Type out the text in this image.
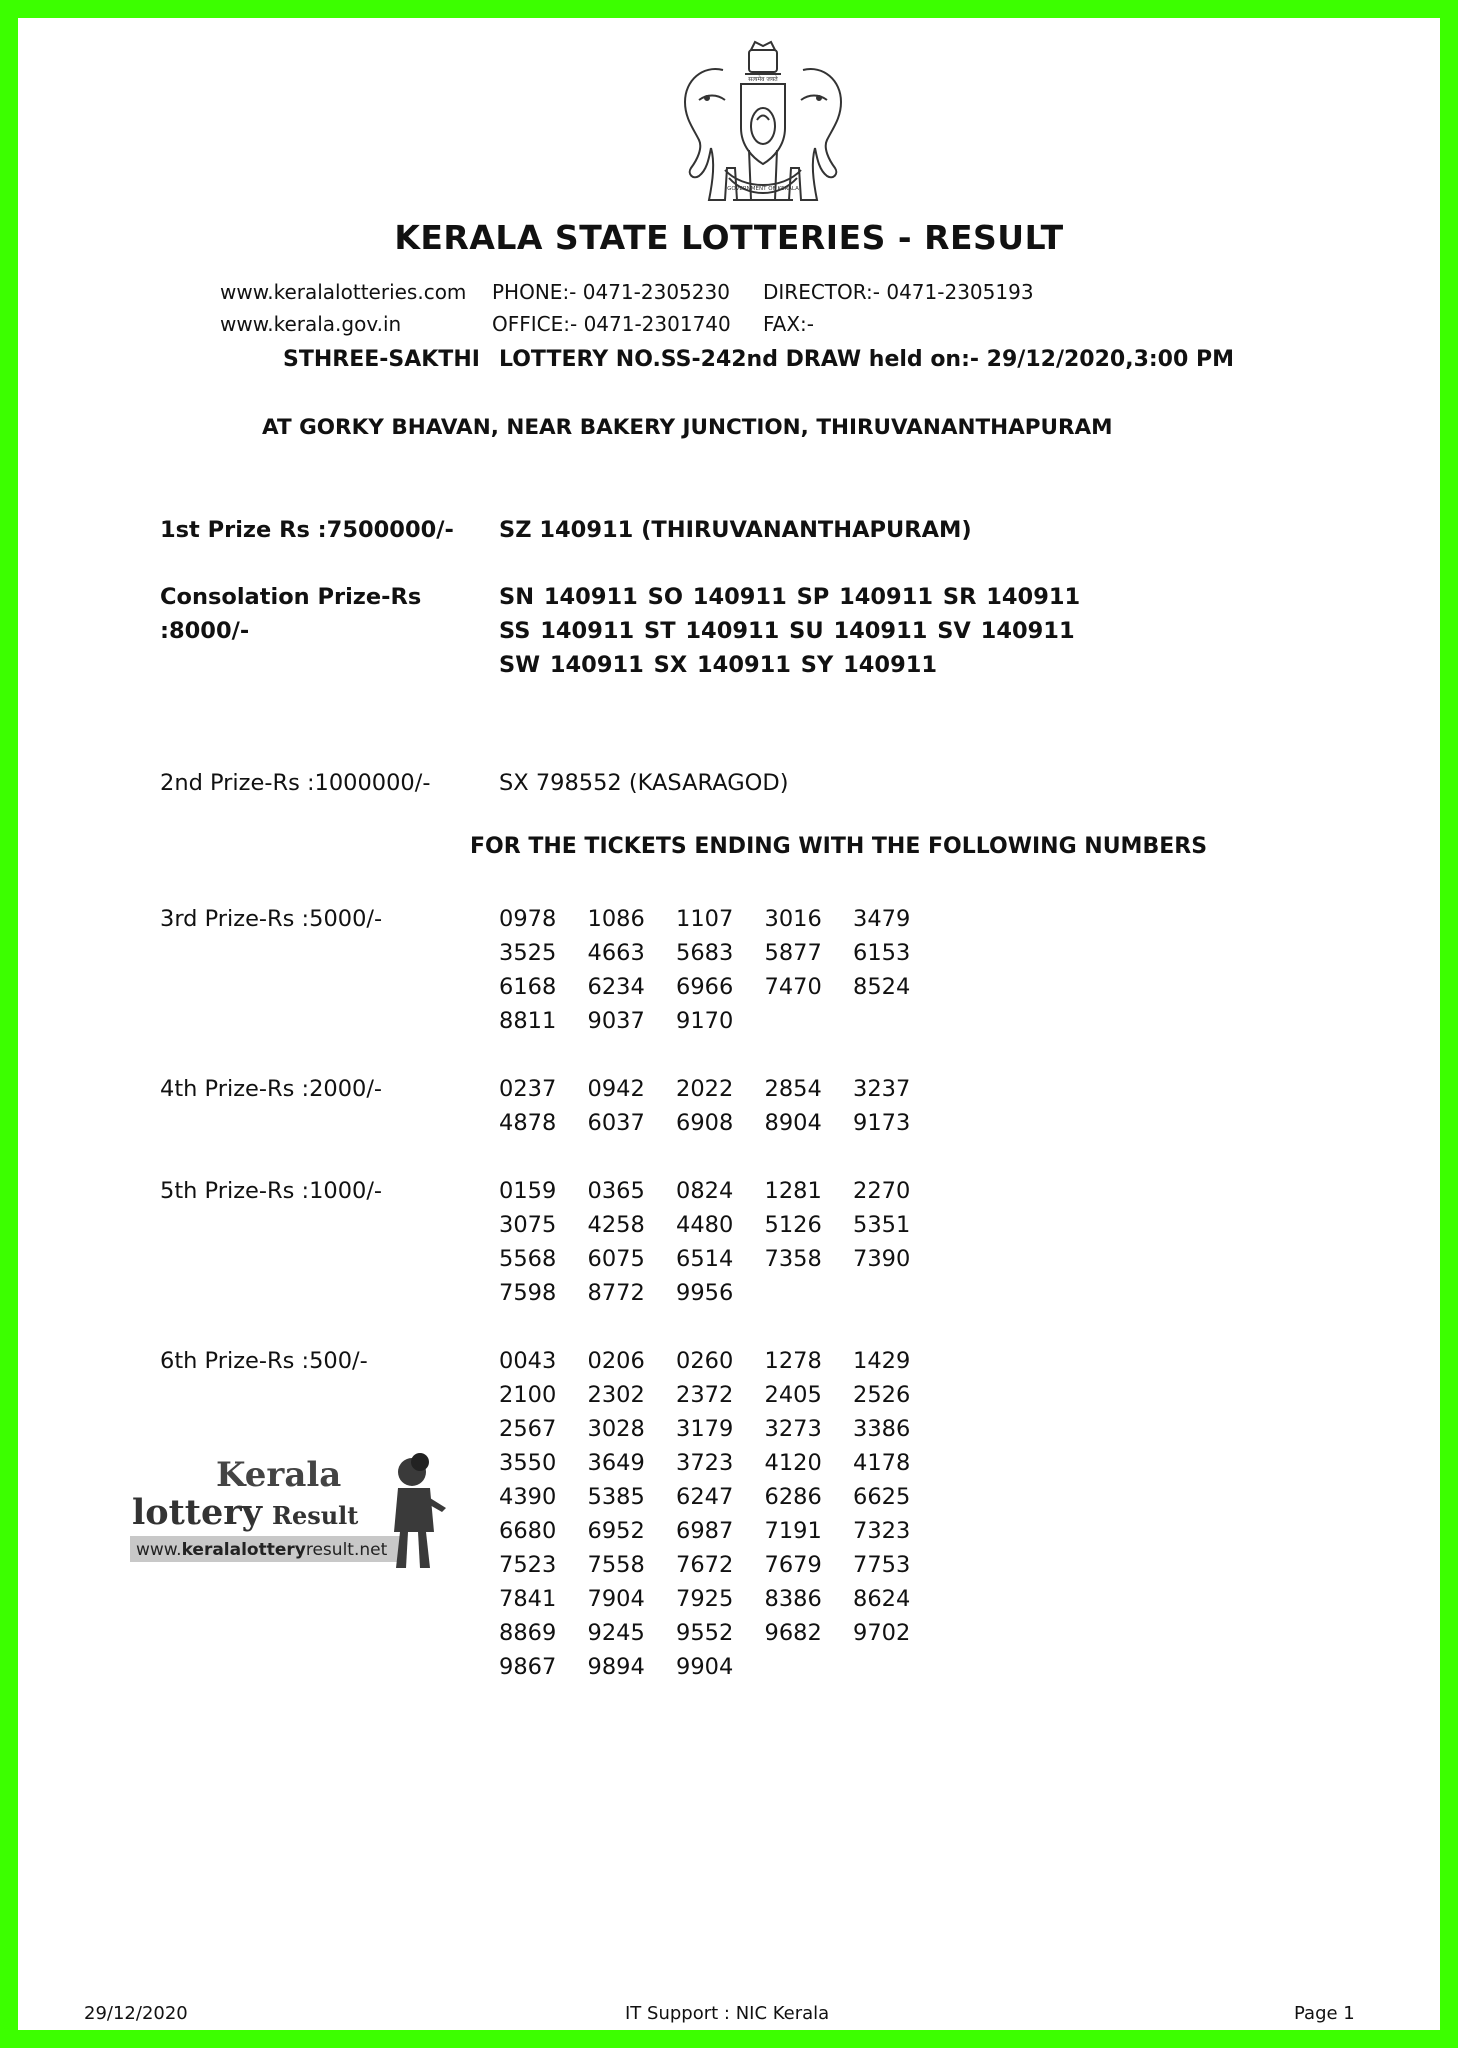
सत्यमेव जयते
GOVERNMENT OF KERALA
KERALA STATE LOTTERIES - RESULT
www.keralalotteries.com
www.kerala.gov.in
PHONE:- 0471-2305230
OFFICE:- 0471-2301740
DIRECTOR:- 0471-2305193
FAX:-
STHREE-SAKTHI LOTTERY NO.SS-242nd DRAW held on:- 29/12/2020,3:00 PM
AT GORKY BHAVAN, NEAR BAKERY JUNCTION, THIRUVANANTHAPURAM
1st Prize Rs :7500000/- SZ 140911 (THIRUVANANTHAPURAM)
Consolation Prize-Rs
:8000/-
SN 140911 SO 140911 SP 140911 SR 140911 SS 140911 ST 140911 SU 140911 SV 140911 SW 140911 SX 140911 SY 140911
2nd Prize-Rs :1000000/-	SX 798552 (KASARAGOD)
FOR THE TICKETS ENDING WITH THE FOLLOWING NUMBERS
3rd Prize-Rs :5000/-	0978	1086	1107	3016	3479
3525	4663	5683	5877	6153
6168	6234	6966	7470	8524
8811	9037	9170
4th Prize-Rs :2000/-	0237	0942	2022	2854	3237
4878	6037	6908	8904	9173
5th Prize-Rs :1000/-	0159	0365	0824	1281	2270
3075	4258	4480	5126	5351
5568	6075	6514	7358	7390
7598	8772	9956
6th Prize-Rs :500/-	0043	0206	0260	1278	1429
2100	2302	2372	2405	2526
2567	3028	3179	3273	3386
3550	3649	3723	4120	4178
4390	5385	6247	6286	6625
6680	6952	6987	7191	7323
7523	7558	7672	7679	7753
7841	7904	7925	8386	8624
8869	9245	9552	9682	9702
9867	9894	9904
Kerala
lottery Result
www.keralalotteryresult.net
29/12/2020	IT Support : NIC Kerala	Page 1
